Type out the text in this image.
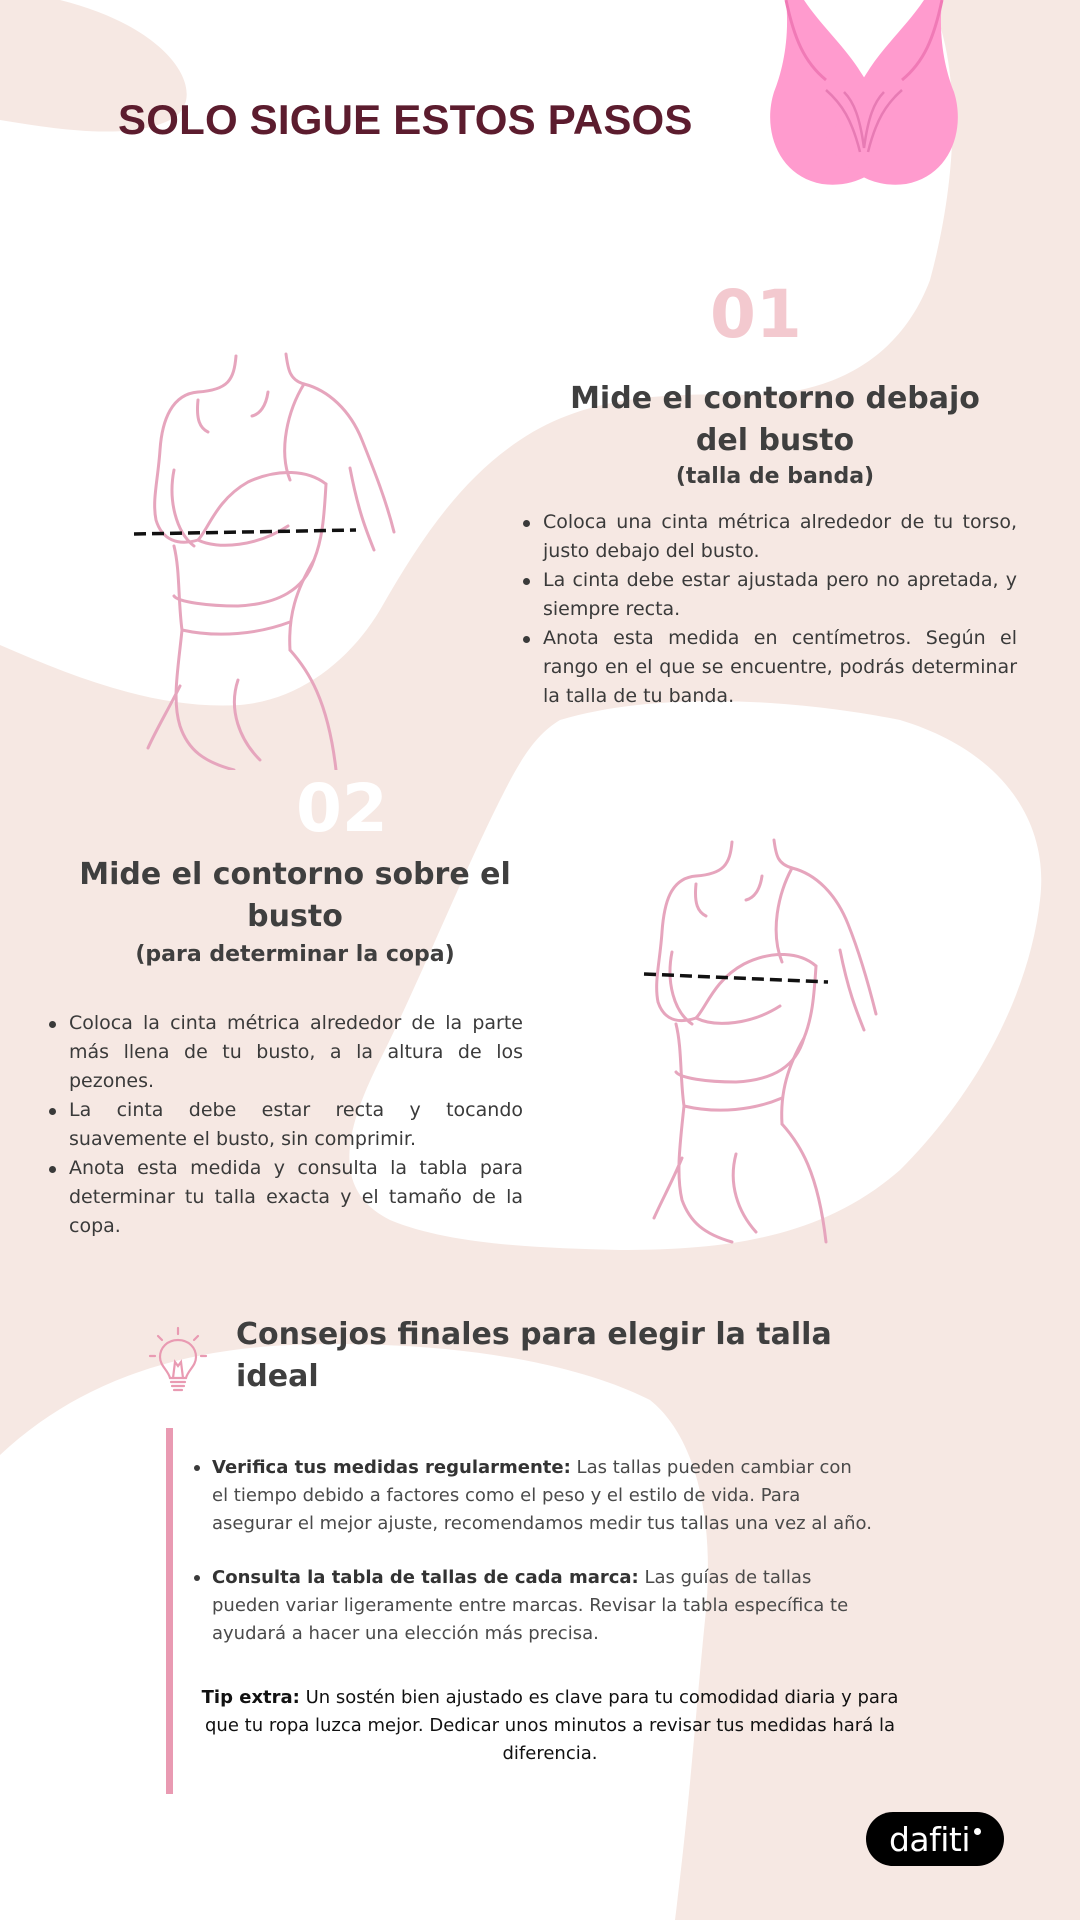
SOLO SIGUE ESTOS PASOS
01
Mide el contorno debajo del busto
(talla de banda)
Coloca una cinta métrica alrededor de tu torso, justo debajo del busto.
La cinta debe estar ajustada pero no apretada, y siempre recta.
Anota esta medida en centímetros. Según el rango en el que se encuentre, podrás determinar la talla de tu banda.
02
Mide el contorno sobre el busto
(para determinar la copa)
Coloca la cinta métrica alrededor de la parte más llena de tu busto, a la altura de los pezones.
La cinta debe estar recta y tocando suavemente el busto, sin comprimir.
Anota esta medida y consulta la tabla para determinar tu talla exacta y el tamaño de la copa.
Consejos finales para elegir la talla ideal
Verifica tus medidas regularmente: Las tallas pueden cambiar con el tiempo debido a factores como el peso y el estilo de vida. Para asegurar el mejor ajuste, recomendamos medir tus tallas una vez al año.
Consulta la tabla de tallas de cada marca: Las guías de tallas pueden variar ligeramente entre marcas. Revisar la tabla específica te ayudará a hacer una elección más precisa.

Tip extra: Un sostén bien ajustado es clave para tu comodidad diaria y para que tu ropa luzca mejor. Dedicar unos minutos a revisar tus medidas hará la diferencia.

dafiti
